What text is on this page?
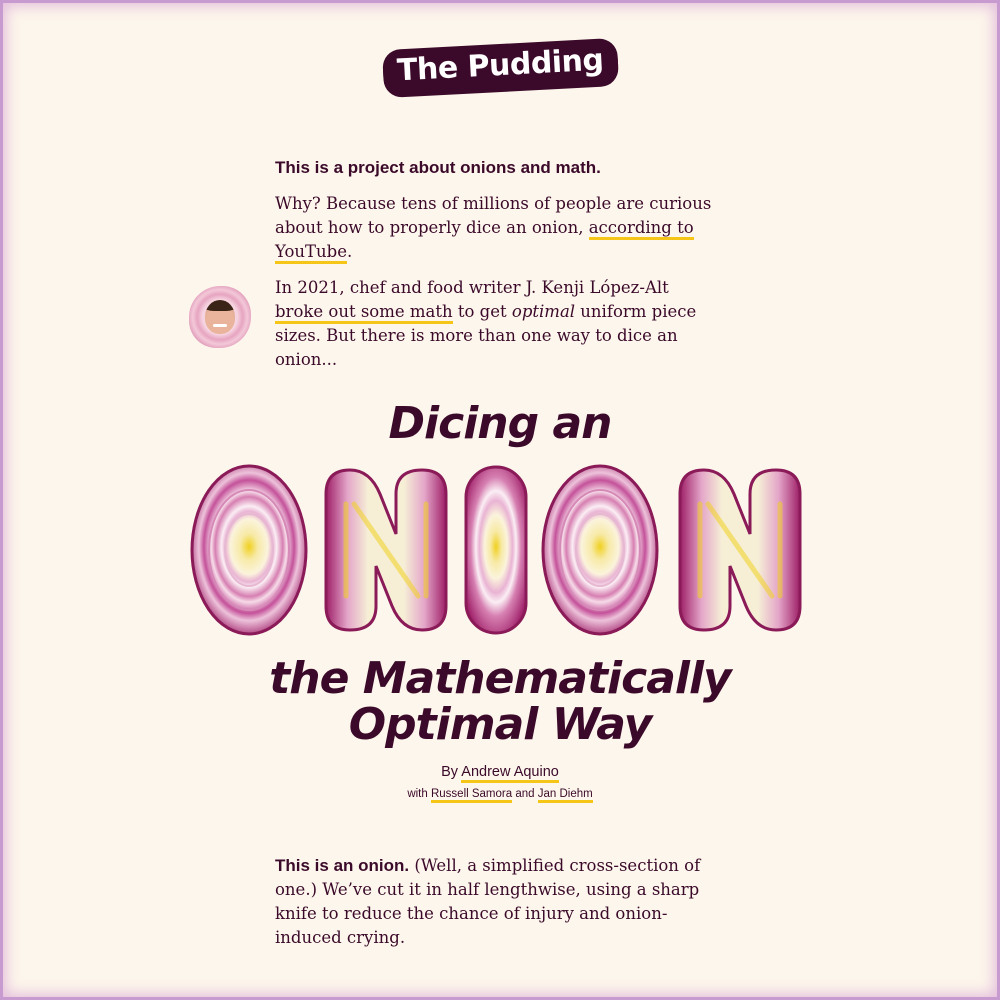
The Pudding

This is a project about onions and math.

Why? Because tens of millions of people are curious about how to properly dice an onion, according to YouTube.

In 2021, chef and food writer J. Kenji López-Alt broke out some math to get optimal uniform piece sizes. But there is more than one way to dice an onion...

Dicing an
the Mathematically
Optimal Way
By Andrew Aquino
with Russell Samora and Jan Diehm
This is an onion. (Well, a simplified cross-section of one.) We’ve cut it in half lengthwise, using a sharp knife to reduce the chance of injury and onion-induced crying.
